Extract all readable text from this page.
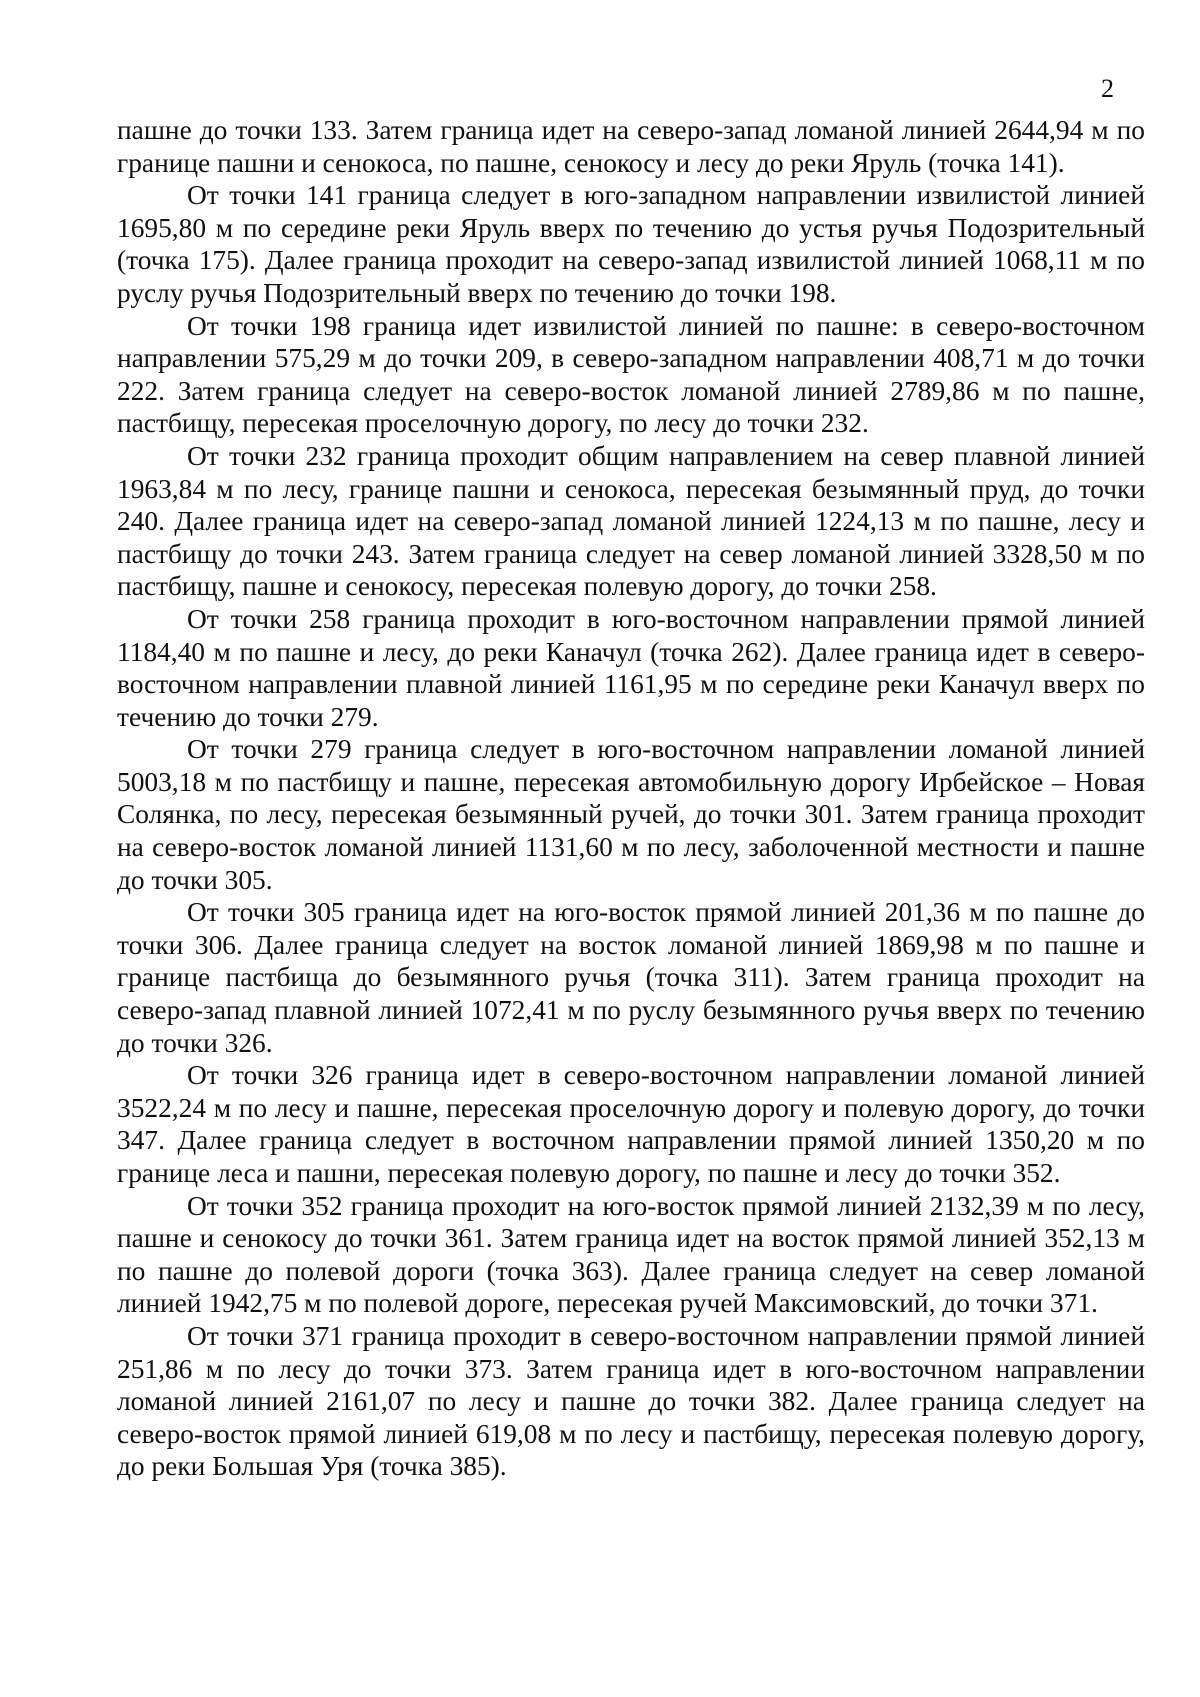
2

пашне до точки 133. Затем граница идет на северо-запад ломаной линией 2644,94 м по границе пашни и сенокоса, по пашне, сенокосу и лесу до реки Яруль (точка 141).

От точки 141 граница следует в юго-западном направлении извилистой линией 1695,80 м по середине реки Яруль вверх по течению до устья ручья Подозрительный (точка 175). Далее граница проходит на северо-запад извилистой линией 1068,11 м по руслу ручья Подозрительный вверх по течению до точки 198.

От точки 198 граница идет извилистой линией по пашне: в северо-восточном направлении 575,29 м до точки 209, в северо-западном направлении 408,71 м до точки 222. Затем граница следует на северо-восток ломаной линией 2789,86 м по пашне, пастбищу, пересекая проселочную дорогу, по лесу до точки 232.

От точки 232 граница проходит общим направлением на север плавной линией 1963,84 м по лесу, границе пашни и сенокоса, пересекая безымянный пруд, до точки 240. Далее граница идет на северо-запад ломаной линией 1224,13 м по пашне, лесу и пастбищу до точки 243. Затем граница следует на север ломаной линией 3328,50 м по пастбищу, пашне и сенокосу, пересекая полевую дорогу, до точки 258.

От точки 258 граница проходит в юго-восточном направлении прямой линией 1184,40 м по пашне и лесу, до реки Каначул (точка 262). Далее граница идет в северо-восточном направлении плавной линией 1161,95 м по середине реки Каначул вверх по течению до точки 279.

От точки 279 граница следует в юго-восточном направлении ломаной линией 5003,18 м по пастбищу и пашне, пересекая автомобильную дорогу Ирбейское – Новая Солянка, по лесу, пересекая безымянный ручей, до точки 301. Затем граница проходит на северо-восток ломаной линией 1131,60 м по лесу, заболоченной местности и пашне до точки 305.

От точки 305 граница идет на юго-восток прямой линией 201,36 м по пашне до точки 306. Далее граница следует на восток ломаной линией 1869,98 м по пашне и границе пастбища до безымянного ручья (точка 311). Затем граница проходит на северо-запад плавной линией 1072,41 м по руслу безымянного ручья вверх по течению до точки 326.

От точки 326 граница идет в северо-восточном направлении ломаной линией 3522,24 м по лесу и пашне, пересекая проселочную дорогу и полевую дорогу, до точки 347. Далее граница следует в восточном направлении прямой линией 1350,20 м по границе леса и пашни, пересекая полевую дорогу, по пашне и лесу до точки 352.

От точки 352 граница проходит на юго-восток прямой линией 2132,39 м по лесу, пашне и сенокосу до точки 361. Затем граница идет на восток прямой линией 352,13 м по пашне до полевой дороги (точка 363). Далее граница следует на север ломаной линией 1942,75 м по полевой дороге, пересекая ручей Максимовский, до точки 371.

От точки 371 граница проходит в северо-восточном направлении прямой линией 251,86 м по лесу до точки 373. Затем граница идет в юго-восточном направлении ломаной линией 2161,07 по лесу и пашне до точки 382. Далее граница следует на северо-восток прямой линией 619,08 м по лесу и пастбищу, пересекая полевую дорогу, до реки Большая Уря (точка 385).
